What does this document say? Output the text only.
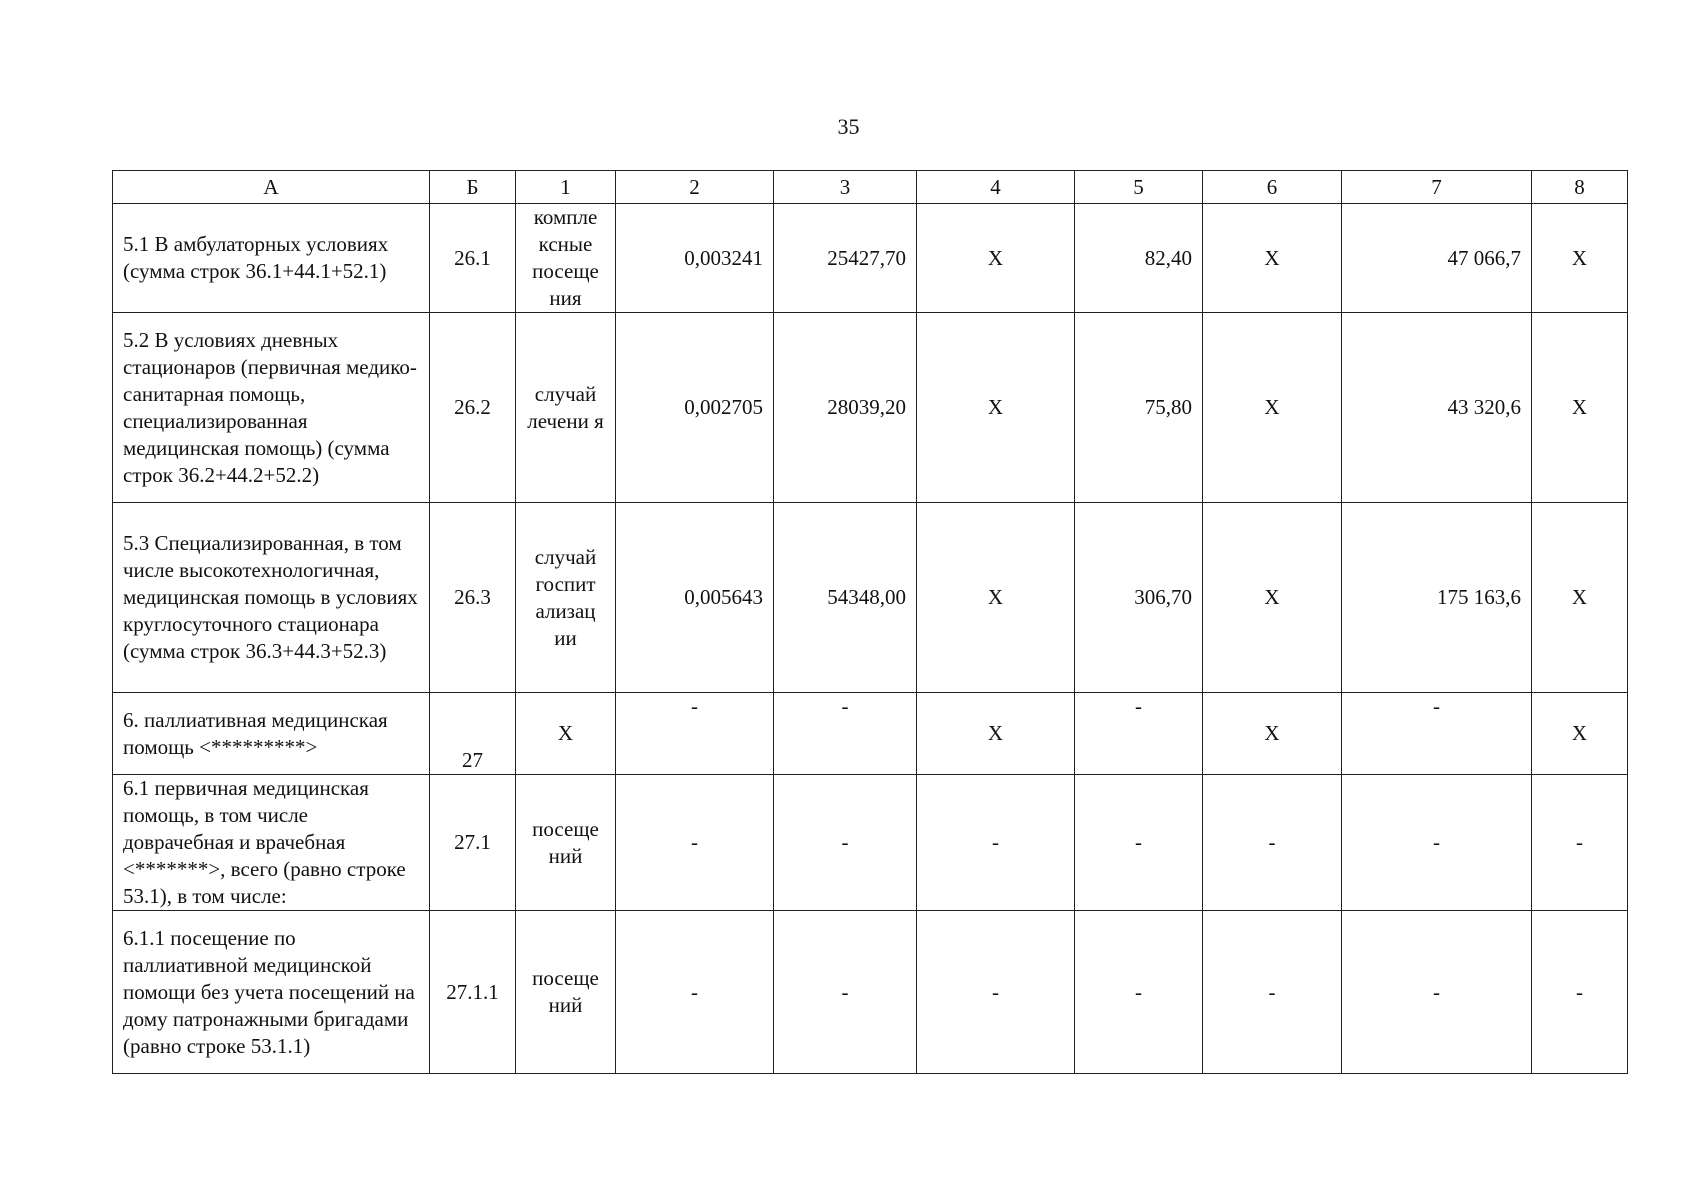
35
А	Б	1	2	3	4	5	6	7	8
5.1 В амбулаторных условиях (сумма строк 36.1+44.1+52.1)	26.1	компле ксные посеще ния	0,003241	25427,70	Х	82,40	Х	47 066,7	Х
5.2 В условиях дневных стационаров (первичная медико-санитарная помощь, специализированная медицинская помощь) (сумма строк 36.2+44.2+52.2)	26.2	случай лечени я	0,002705	28039,20	Х	75,80	Х	43 320,6	Х
5.3 Специализированная, в том числе высокотехнологичная, медицинская помощь в условиях круглосуточного стационара (сумма строк 36.3+44.3+52.3)	26.3	случай госпит ализац ии	0,005643	54348,00	Х	306,70	Х	175 163,6	Х
6. паллиативная медицинская помощь <*********>	27	Х	-	-	Х	-	Х	-	Х
6.1 первичная медицинская помощь, в том числе доврачебная и врачебная <*******>, всего (равно строке 53.1), в том числе:	27.1	посеще ний	-	-	-	-	-	-	-
6.1.1 посещение по паллиативной медицинской помощи без учета посещений на дому патронажными бригадами (равно строке 53.1.1)	27.1.1	посеще ний	-	-	-	-	-	-	-
